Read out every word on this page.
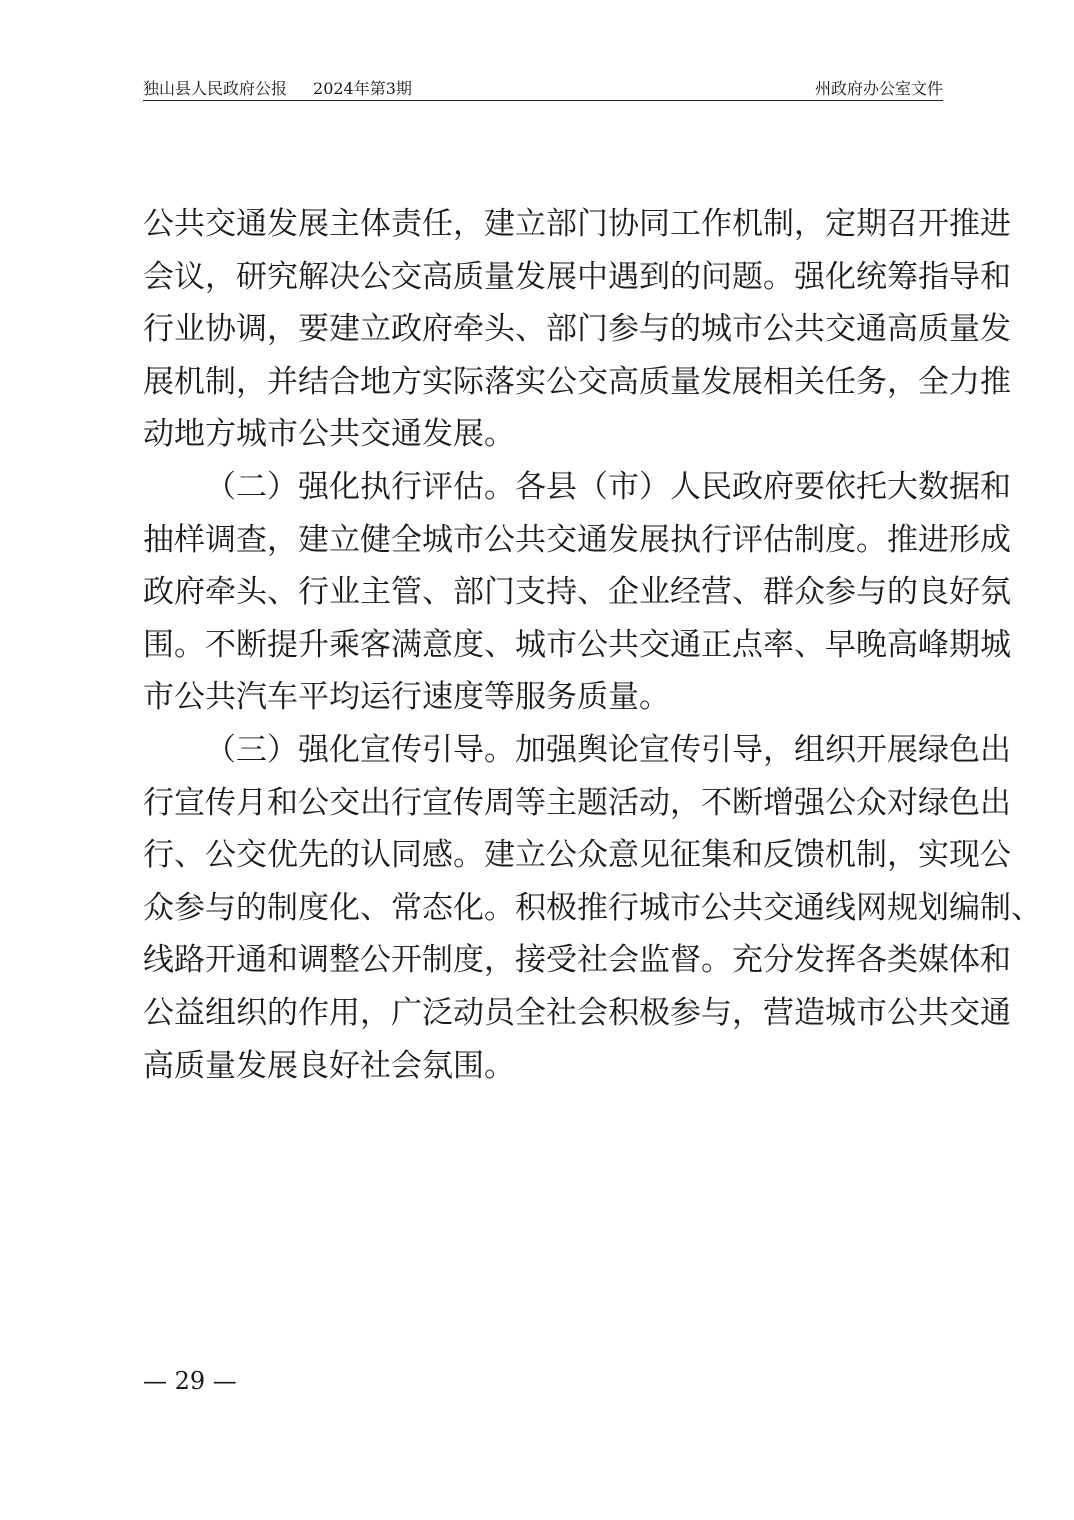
独山县人民政府公报 2024年第3期	州政府办公室文件
公共交通发展主体责任，建立部门协同工作机制，定期召开推进
会议，研究解决公交高质量发展中遇到的问题。强化统筹指导和
行业协调，要建立政府牵头、部门参与的城市公共交通高质量发
展机制，并结合地方实际落实公交高质量发展相关任务，全力推
动地方城市公共交通发展。
（二）强化执行评估。各县（市）人民政府要依托大数据和
抽样调查，建立健全城市公共交通发展执行评估制度。推进形成
政府牵头、行业主管、部门支持、企业经营、群众参与的良好氛
围。不断提升乘客满意度、城市公共交通正点率、早晚高峰期城
市公共汽车平均运行速度等服务质量。
（三）强化宣传引导。加强舆论宣传引导，组织开展绿色出
行宣传月和公交出行宣传周等主题活动，不断增强公众对绿色出
行、公交优先的认同感。建立公众意见征集和反馈机制，实现公
众参与的制度化、常态化。积极推行城市公共交通线网规划编制、
线路开通和调整公开制度，接受社会监督。充分发挥各类媒体和
公益组织的作用，广泛动员全社会积极参与，营造城市公共交通
高质量发展良好社会氛围。
— 29 —
